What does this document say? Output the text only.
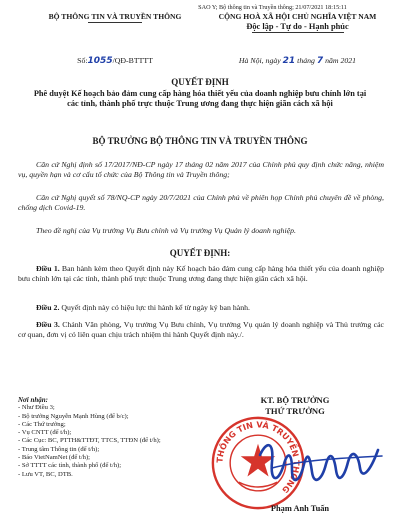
SAO Y; Bộ thông tin và Truyền thông; 21/07/2021 18:15:11
BỘ THÔNG TIN VÀ TRUYỀN THÔNG	CỘNG HOÀ XÃ HỘI CHỦ NGHĨA VIỆT NAM
Độc lập - Tự do - Hạnh phúc
Số:1055/QĐ-BTTTT	Hà Nội, ngày 21 tháng 7 năm 2021
QUYẾT ĐỊNH
Phê duyệt Kế hoạch bảo đảm cung cấp hàng hóa thiết yếu của doanh nghiệp bưu chính lớn tại các tỉnh, thành phố trực thuộc Trung ương đang thực hiện giãn cách xã hội
BỘ TRƯỞNG BỘ THÔNG TIN VÀ TRUYỀN THÔNG
Căn cứ Nghị định số 17/2017/NĐ-CP ngày 17 tháng 02 năm 2017 của Chính phủ quy định chức năng, nhiệm vụ, quyền hạn và cơ cấu tổ chức của Bộ Thông tin và Truyền thông;
Căn cứ Nghị quyết số 78/NQ-CP ngày 20/7/2021 của Chính phủ về phiên họp Chính phủ chuyên đề về phòng, chống dịch Covid-19.
Theo đề nghị của Vụ trưởng Vụ Bưu chính và Vụ trưởng Vụ Quản lý doanh nghiệp.
QUYẾT ĐỊNH:
Điều 1. Ban hành kèm theo Quyết định này Kế hoạch bảo đảm cung cấp hàng hóa thiết yếu của doanh nghiệp bưu chính lớn tại các tỉnh, thành phố trực thuộc Trung ương đang thực hiện giãn cách xã hội.
Điều 2. Quyết định này có hiệu lực thi hành kể từ ngày ký ban hành.
Điều 3. Chánh Văn phòng, Vụ trưởng Vụ Bưu chính, Vụ trưởng Vụ quản lý doanh nghiệp và Thủ trưởng các cơ quan, đơn vị có liên quan chịu trách nhiệm thi hành Quyết định này./.
Nơi nhận:
- Như Điều 3;
- Bộ trưởng Nguyễn Mạnh Hùng (để b/c);
- Các Thứ trưởng;
- Vụ CNTT (để t/h);
- Các Cục: BC, PTTH&TTĐT, TTCS, TTĐN (để t/h);
- Trung tâm Thông tin (để t/h);
- Báo VietNamNet (để t/h);
- Sở TTTT các tỉnh, thành phố (để t/h);
- Lưu VT, BC, DTB.
KT. BỘ TRƯỞNG
THỨ TRƯỞNG
THÔNG TIN VÀ TRUYỀN THÔNG
Phạm Anh Tuấn
